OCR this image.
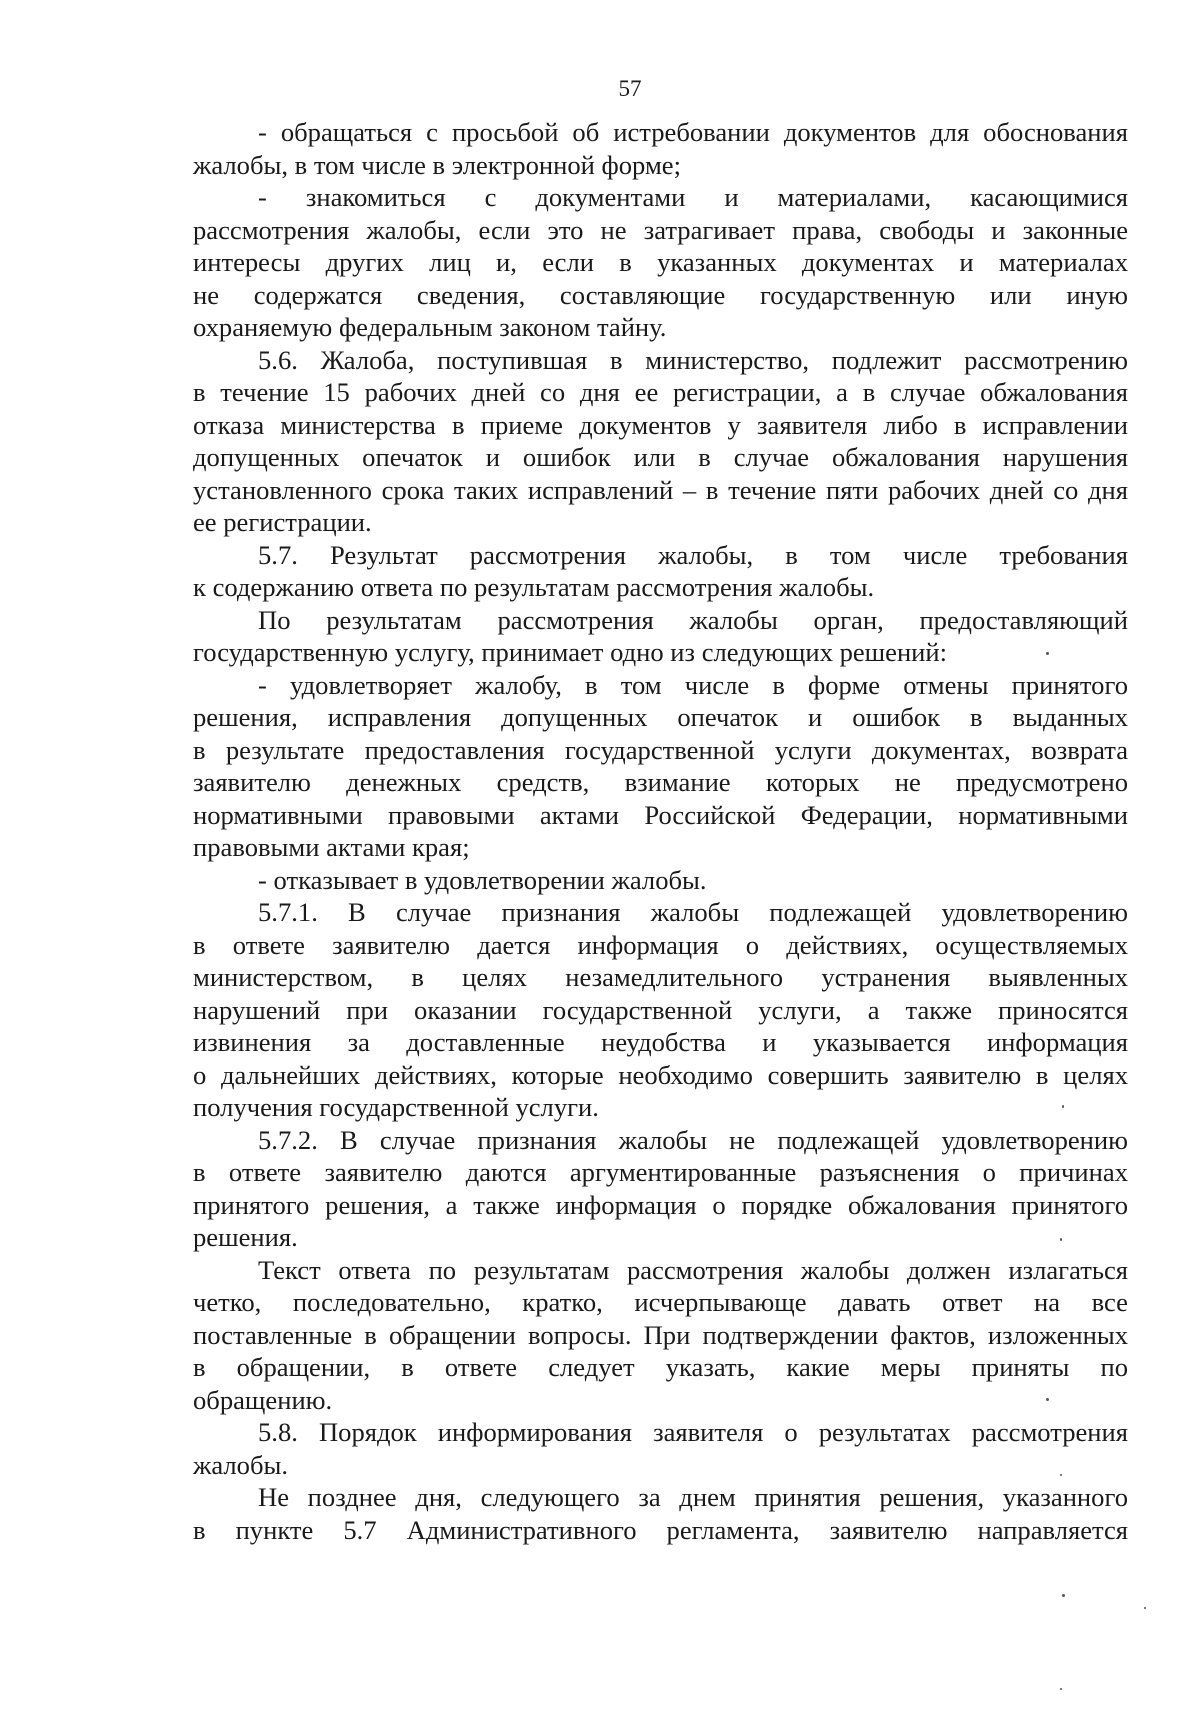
57
- обращаться с просьбой об истребовании документов для обоснования
жалобы, в том числе в электронной форме;
- знакомиться с документами и материалами, касающимися
рассмотрения жалобы, если это не затрагивает права, свободы и законные
интересы других лиц и, если в указанных документах и материалах
не содержатся сведения, составляющие государственную или иную
охраняемую федеральным законом тайну.
5.6. Жалоба, поступившая в министерство, подлежит рассмотрению
в течение 15 рабочих дней со дня ее регистрации, а в случае обжалования
отказа министерства в приеме документов у заявителя либо в исправлении
допущенных опечаток и ошибок или в случае обжалования нарушения
установленного срока таких исправлений – в течение пяти рабочих дней со дня
ее регистрации.
5.7. Результат рассмотрения жалобы, в том числе требования
к содержанию ответа по результатам рассмотрения жалобы.
По результатам рассмотрения жалобы орган, предоставляющий
государственную услугу, принимает одно из следующих решений:
- удовлетворяет жалобу, в том числе в форме отмены принятого
решения, исправления допущенных опечаток и ошибок в выданных
в результате предоставления государственной услуги документах, возврата
заявителю денежных средств, взимание которых не предусмотрено
нормативными правовыми актами Российской Федерации, нормативными
правовыми актами края;
- отказывает в удовлетворении жалобы.
5.7.1. В случае признания жалобы подлежащей удовлетворению
в ответе заявителю дается информация о действиях, осуществляемых
министерством, в целях незамедлительного устранения выявленных
нарушений при оказании государственной услуги, а также приносятся
извинения за доставленные неудобства и указывается информация
о дальнейших действиях, которые необходимо совершить заявителю в целях
получения государственной услуги.
5.7.2. В случае признания жалобы не подлежащей удовлетворению
в ответе заявителю даются аргументированные разъяснения о причинах
принятого решения, а также информация о порядке обжалования принятого
решения.
Текст ответа по результатам рассмотрения жалобы должен излагаться
четко, последовательно, кратко, исчерпывающе давать ответ на все
поставленные в обращении вопросы. При подтверждении фактов, изложенных
в обращении, в ответе следует указать, какие меры приняты по
обращению.
5.8. Порядок информирования заявителя о результатах рассмотрения
жалобы.
Не позднее дня, следующего за днем принятия решения, указанного
в пункте 5.7 Административного регламента, заявителю направляется
